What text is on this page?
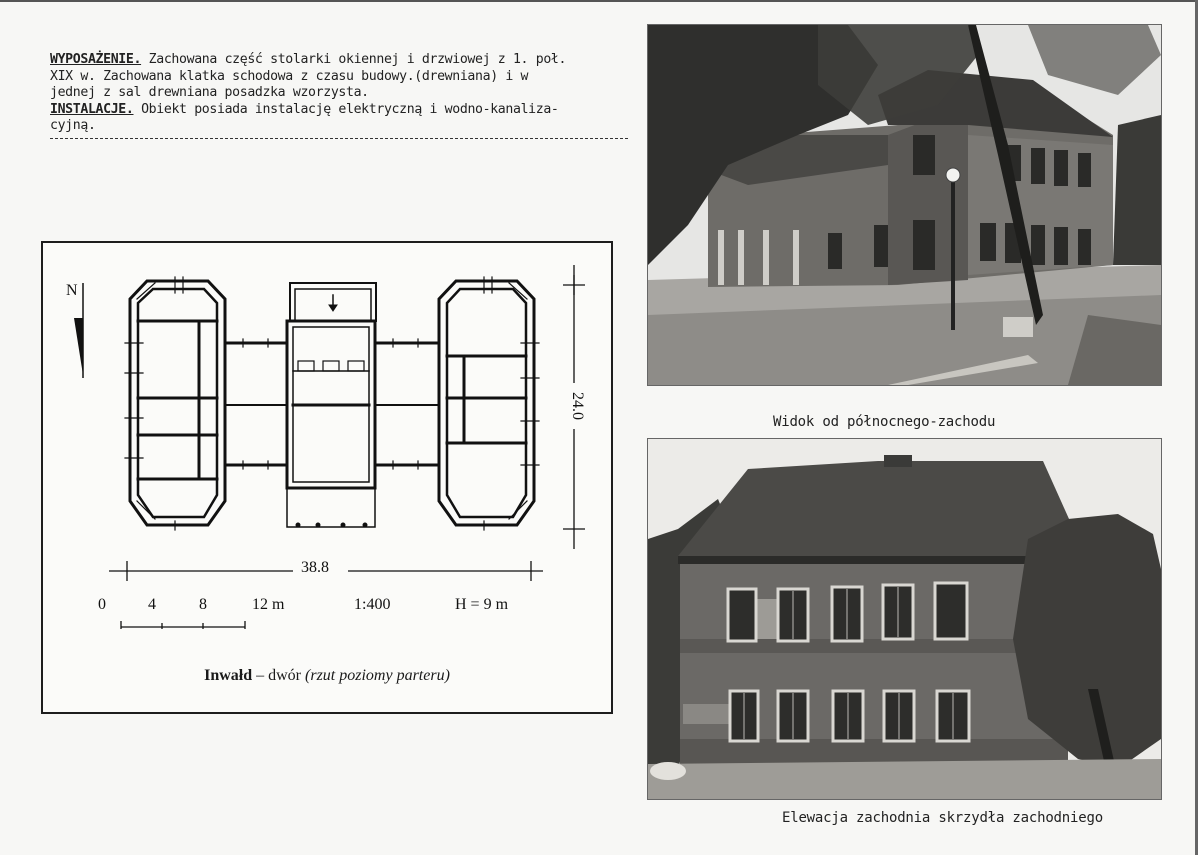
WYPOSAŻENIE. Zachowana część stolarki okiennej i drzwiowej z 1. poł.

XIX w. Zachowana klatka schodowa z czasu budowy.(drewniana) i w

jednej z sal drewniana posadzka wzorzysta.

INSTALACJE. Obiekt posiada instalację elektryczną i wodno-kanaliza-

cyjną.

N
38.8
24.0
0	4	8	12 m	1:400	H = 9 m
Inwałd – dwór (rzut poziomy parteru)
Widok od północnego-zachodu
Elewacja zachodnia skrzydła zachodniego
